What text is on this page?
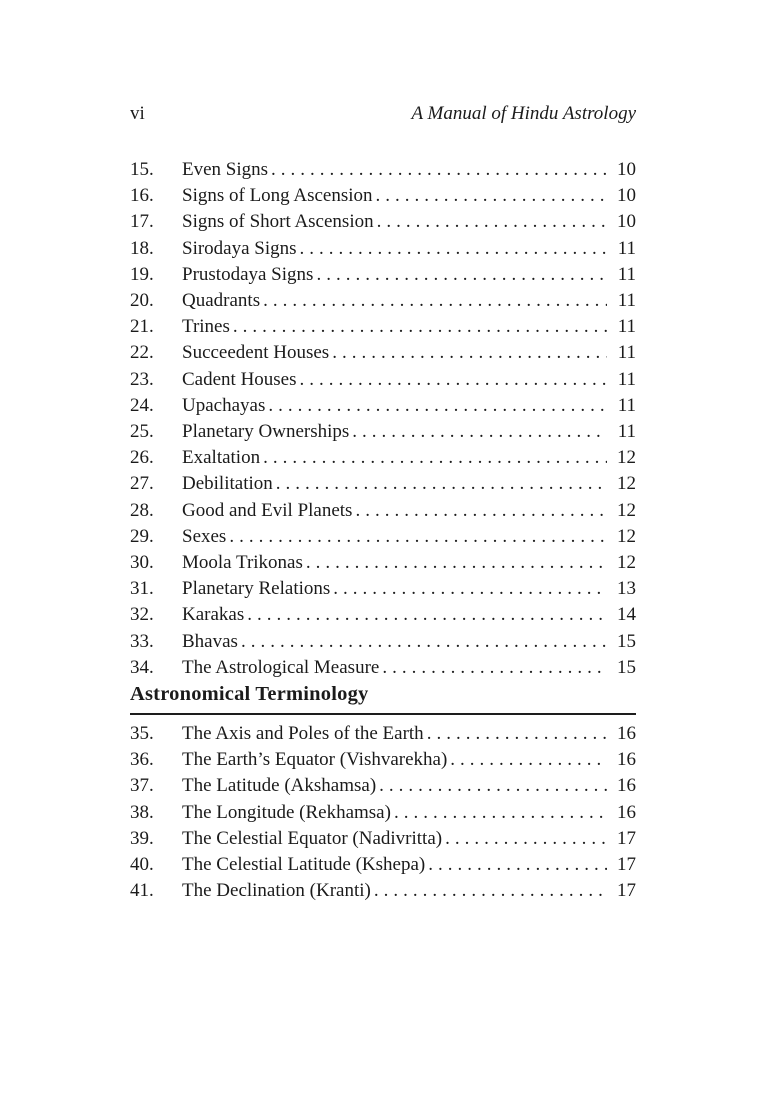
vi	A Manual of Hindu Astrology
15.	Even Signs .....	10
16.	Signs of Long Ascension .....	10
17.	Signs of Short Ascension .....	10
18.	Sirodaya Signs .....	11
19.	Prustodaya Signs .....	11
20.	Quadrants .....	11
21.	Trines .....	11
22.	Succeedent Houses .....	11
23.	Cadent Houses .....	11
24.	Upachayas .....	11
25.	Planetary Ownerships .....	11
26.	Exaltation .....	12
27.	Debilitation .....	12
28.	Good and Evil Planets .....	12
29.	Sexes .....	12
30.	Moola Trikonas .....	12
31.	Planetary Relations .....	13
32.	Karakas .....	14
33.	Bhavas .....	15
34.	The Astrological Measure .....	15
Astronomical Terminology
35.	The Axis and Poles of the Earth .....	16
36.	The Earth’s Equator (Vishvarekha) .....	16
37.	The Latitude (Akshamsa) .....	16
38.	The Longitude (Rekhamsa) .....	16
39.	The Celestial Equator (Nadivritta) .....	17
40.	The Celestial Latitude (Kshepa) .....	17
41.	The Declination (Kranti) .....	17
